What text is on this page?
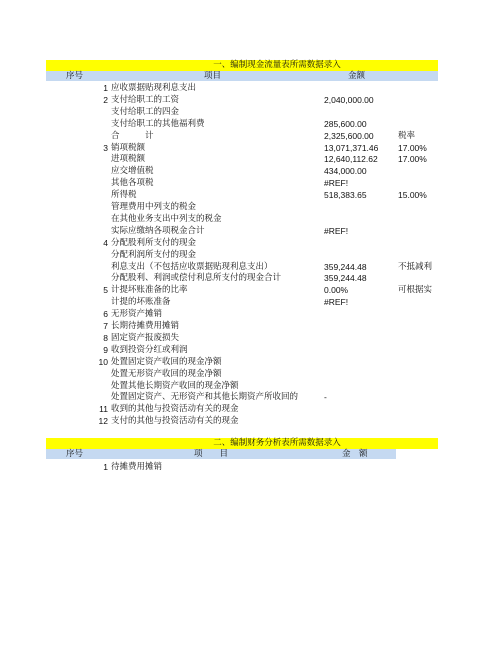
一、编制现金流量表所需数据录入
序号	项目	金额
1 应收票据贴现利息支出
2 支付给职工的工资	2,040,000.00
支付给职工的四金
支付给职工的其他福利费	285,600.00
合　　　计	2,325,600.00	税率
3 销项税额	13,071,371.46 17.00%
进项税额	12,640,112.62 17.00%
应交增值税	434,000.00
其他各项税	#REF!
所得税	518,383.65	15.00%
管理费用中列支的税金
在其他业务支出中列支的税金
实际应缴纳各项税金合计	#REF!
4 分配股利所支付的现金
分配利润所支付的现金
利息支出（不包括应收票据贴现利息支出）	359,244.48	不抵减利
分配股利、利润或偿付利息所支付的现金合计	359,244.48
5 计提坏账准备的比率	0.00%	可根据实
计提的坏账准备	#REF!
6 无形资产摊销
7 长期待摊费用摊销
8 固定资产报废损失
9 收到投资分红或利润
10 处置固定资产收回的现金净额
处置无形资产收回的现金净额
处置其他长期资产收回的现金净额
处置固定资产、无形资产和其他长期资产所收回的	-
11 收到的其他与投资活动有关的现金
12 支付的其他与投资活动有关的现金
二、编制财务分析表所需数据录入
序号	项　　目	金　额
1 待摊费用摊销
